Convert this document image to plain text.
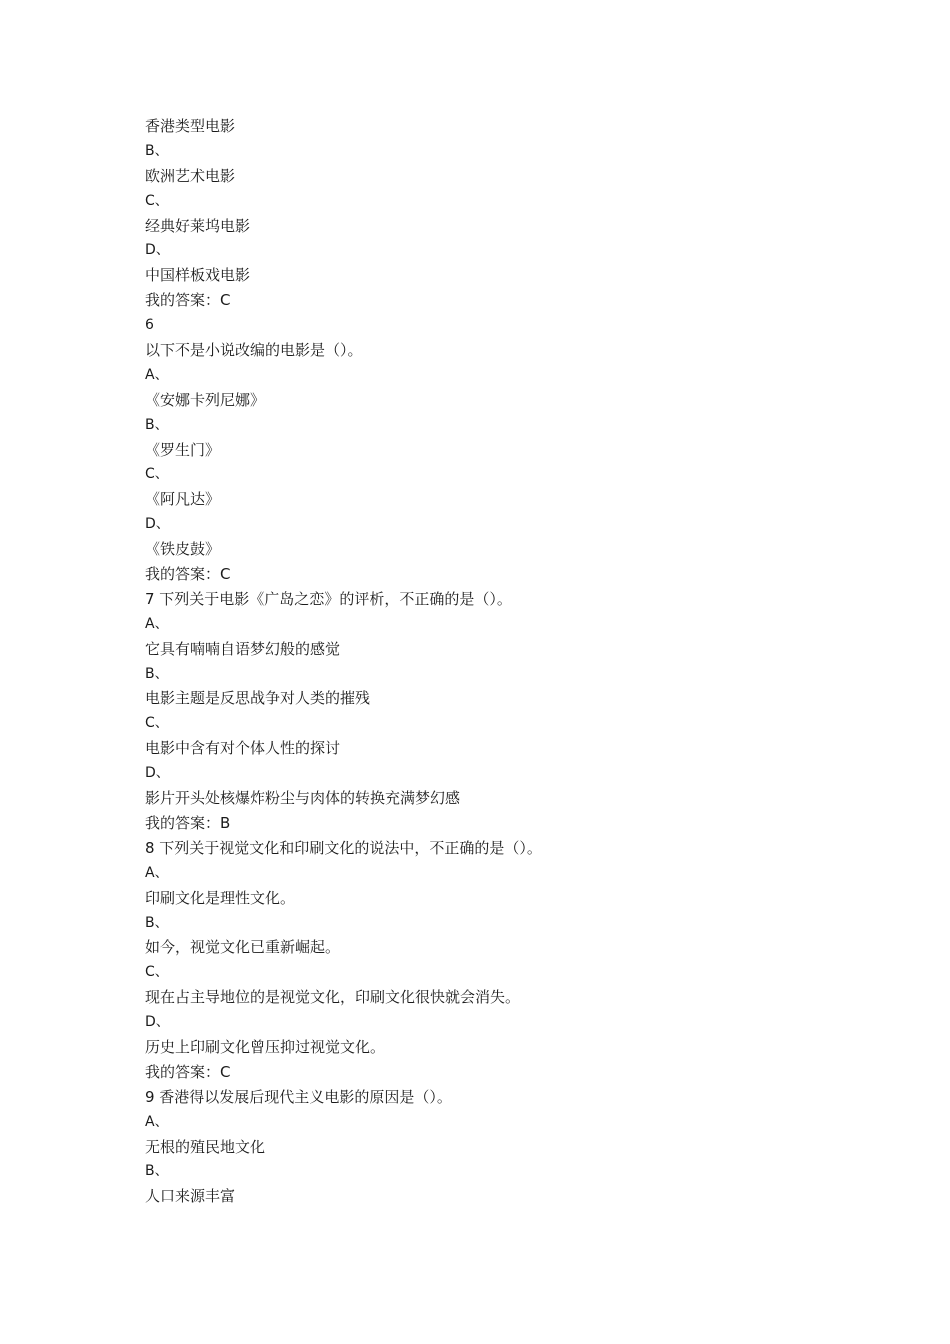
香港类型电影
B、
欧洲艺术电影
C、
经典好莱坞电影
D、
中国样板戏电影
我的答案：C
6
以下不是小说改编的电影是（）。
A、
《安娜卡列尼娜》
B、
《罗生门》
C、
《阿凡达》
D、
《铁皮鼓》
我的答案：C
7 下列关于电影《广岛之恋》的评析，不正确的是（）。
A、
它具有喃喃自语梦幻般的感觉
B、
电影主题是反思战争对人类的摧残
C、
电影中含有对个体人性的探讨
D、
影片开头处核爆炸粉尘与肉体的转换充满梦幻感
我的答案：B
8 下列关于视觉文化和印刷文化的说法中，不正确的是（）。
A、
印刷文化是理性文化。
B、
如今，视觉文化已重新崛起。
C、
现在占主导地位的是视觉文化，印刷文化很快就会消失。
D、
历史上印刷文化曾压抑过视觉文化。
我的答案：C
9 香港得以发展后现代主义电影的原因是（）。
A、
无根的殖民地文化
B、
人口来源丰富
